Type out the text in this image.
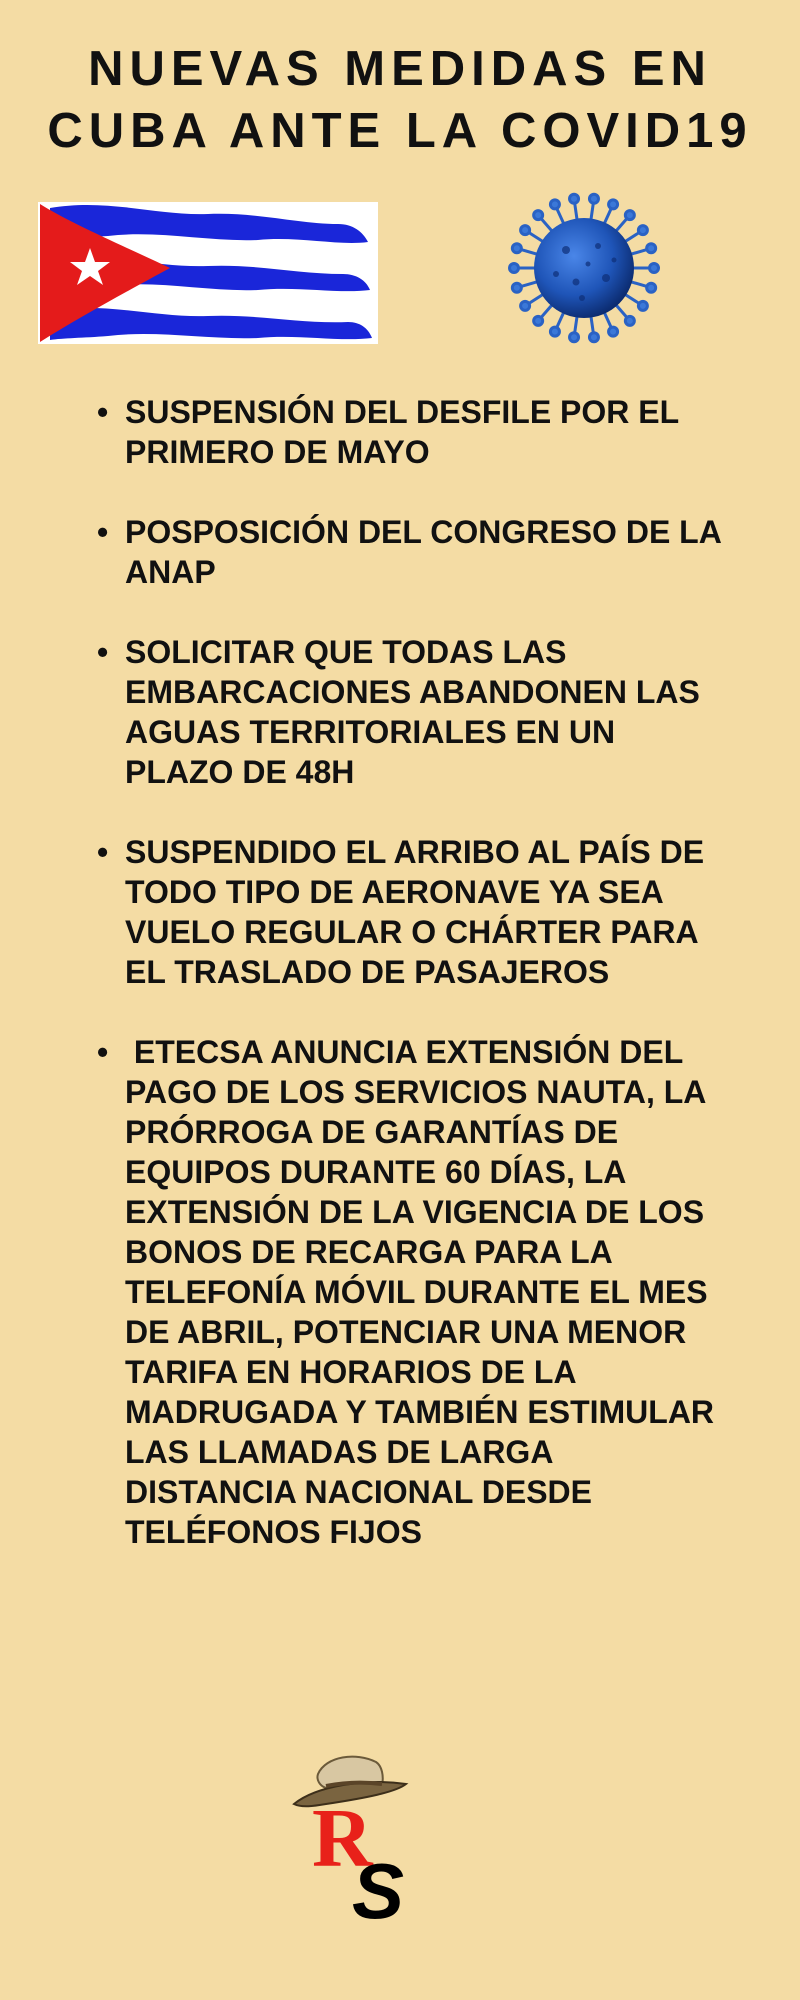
NUEVAS MEDIDAS EN
CUBA ANTE LA COVID19
• SUSPENSIÓN DEL DESFILE POR EL PRIMERO DE MAYO
• POSPOSICIÓN DEL CONGRESO DE LA ANAP
• SOLICITAR QUE TODAS LAS EMBARCACIONES ABANDONEN LAS AGUAS TERRITORIALES EN UN PLAZO DE 48H
• SUSPENDIDO EL ARRIBO AL PAÍS DE TODO TIPO DE AERONAVE YA SEA VUELO REGULAR O CHÁRTER PARA EL TRASLADO DE PASAJEROS
• ETECSA ANUNCIA EXTENSIÓN DEL PAGO DE LOS SERVICIOS NAUTA, LA PRÓRROGA DE GARANTÍAS DE EQUIPOS DURANTE 60 DÍAS, LA EXTENSIÓN DE LA VIGENCIA DE LOS BONOS DE RECARGA PARA LA TELEFONÍA MÓVIL DURANTE EL MES DE ABRIL, POTENCIAR UNA MENOR TARIFA EN HORARIOS DE LA MADRUGADA Y TAMBIÉN ESTIMULAR LAS LLAMADAS DE LARGA DISTANCIA NACIONAL DESDE TELÉFONOS FIJOS
R
S
